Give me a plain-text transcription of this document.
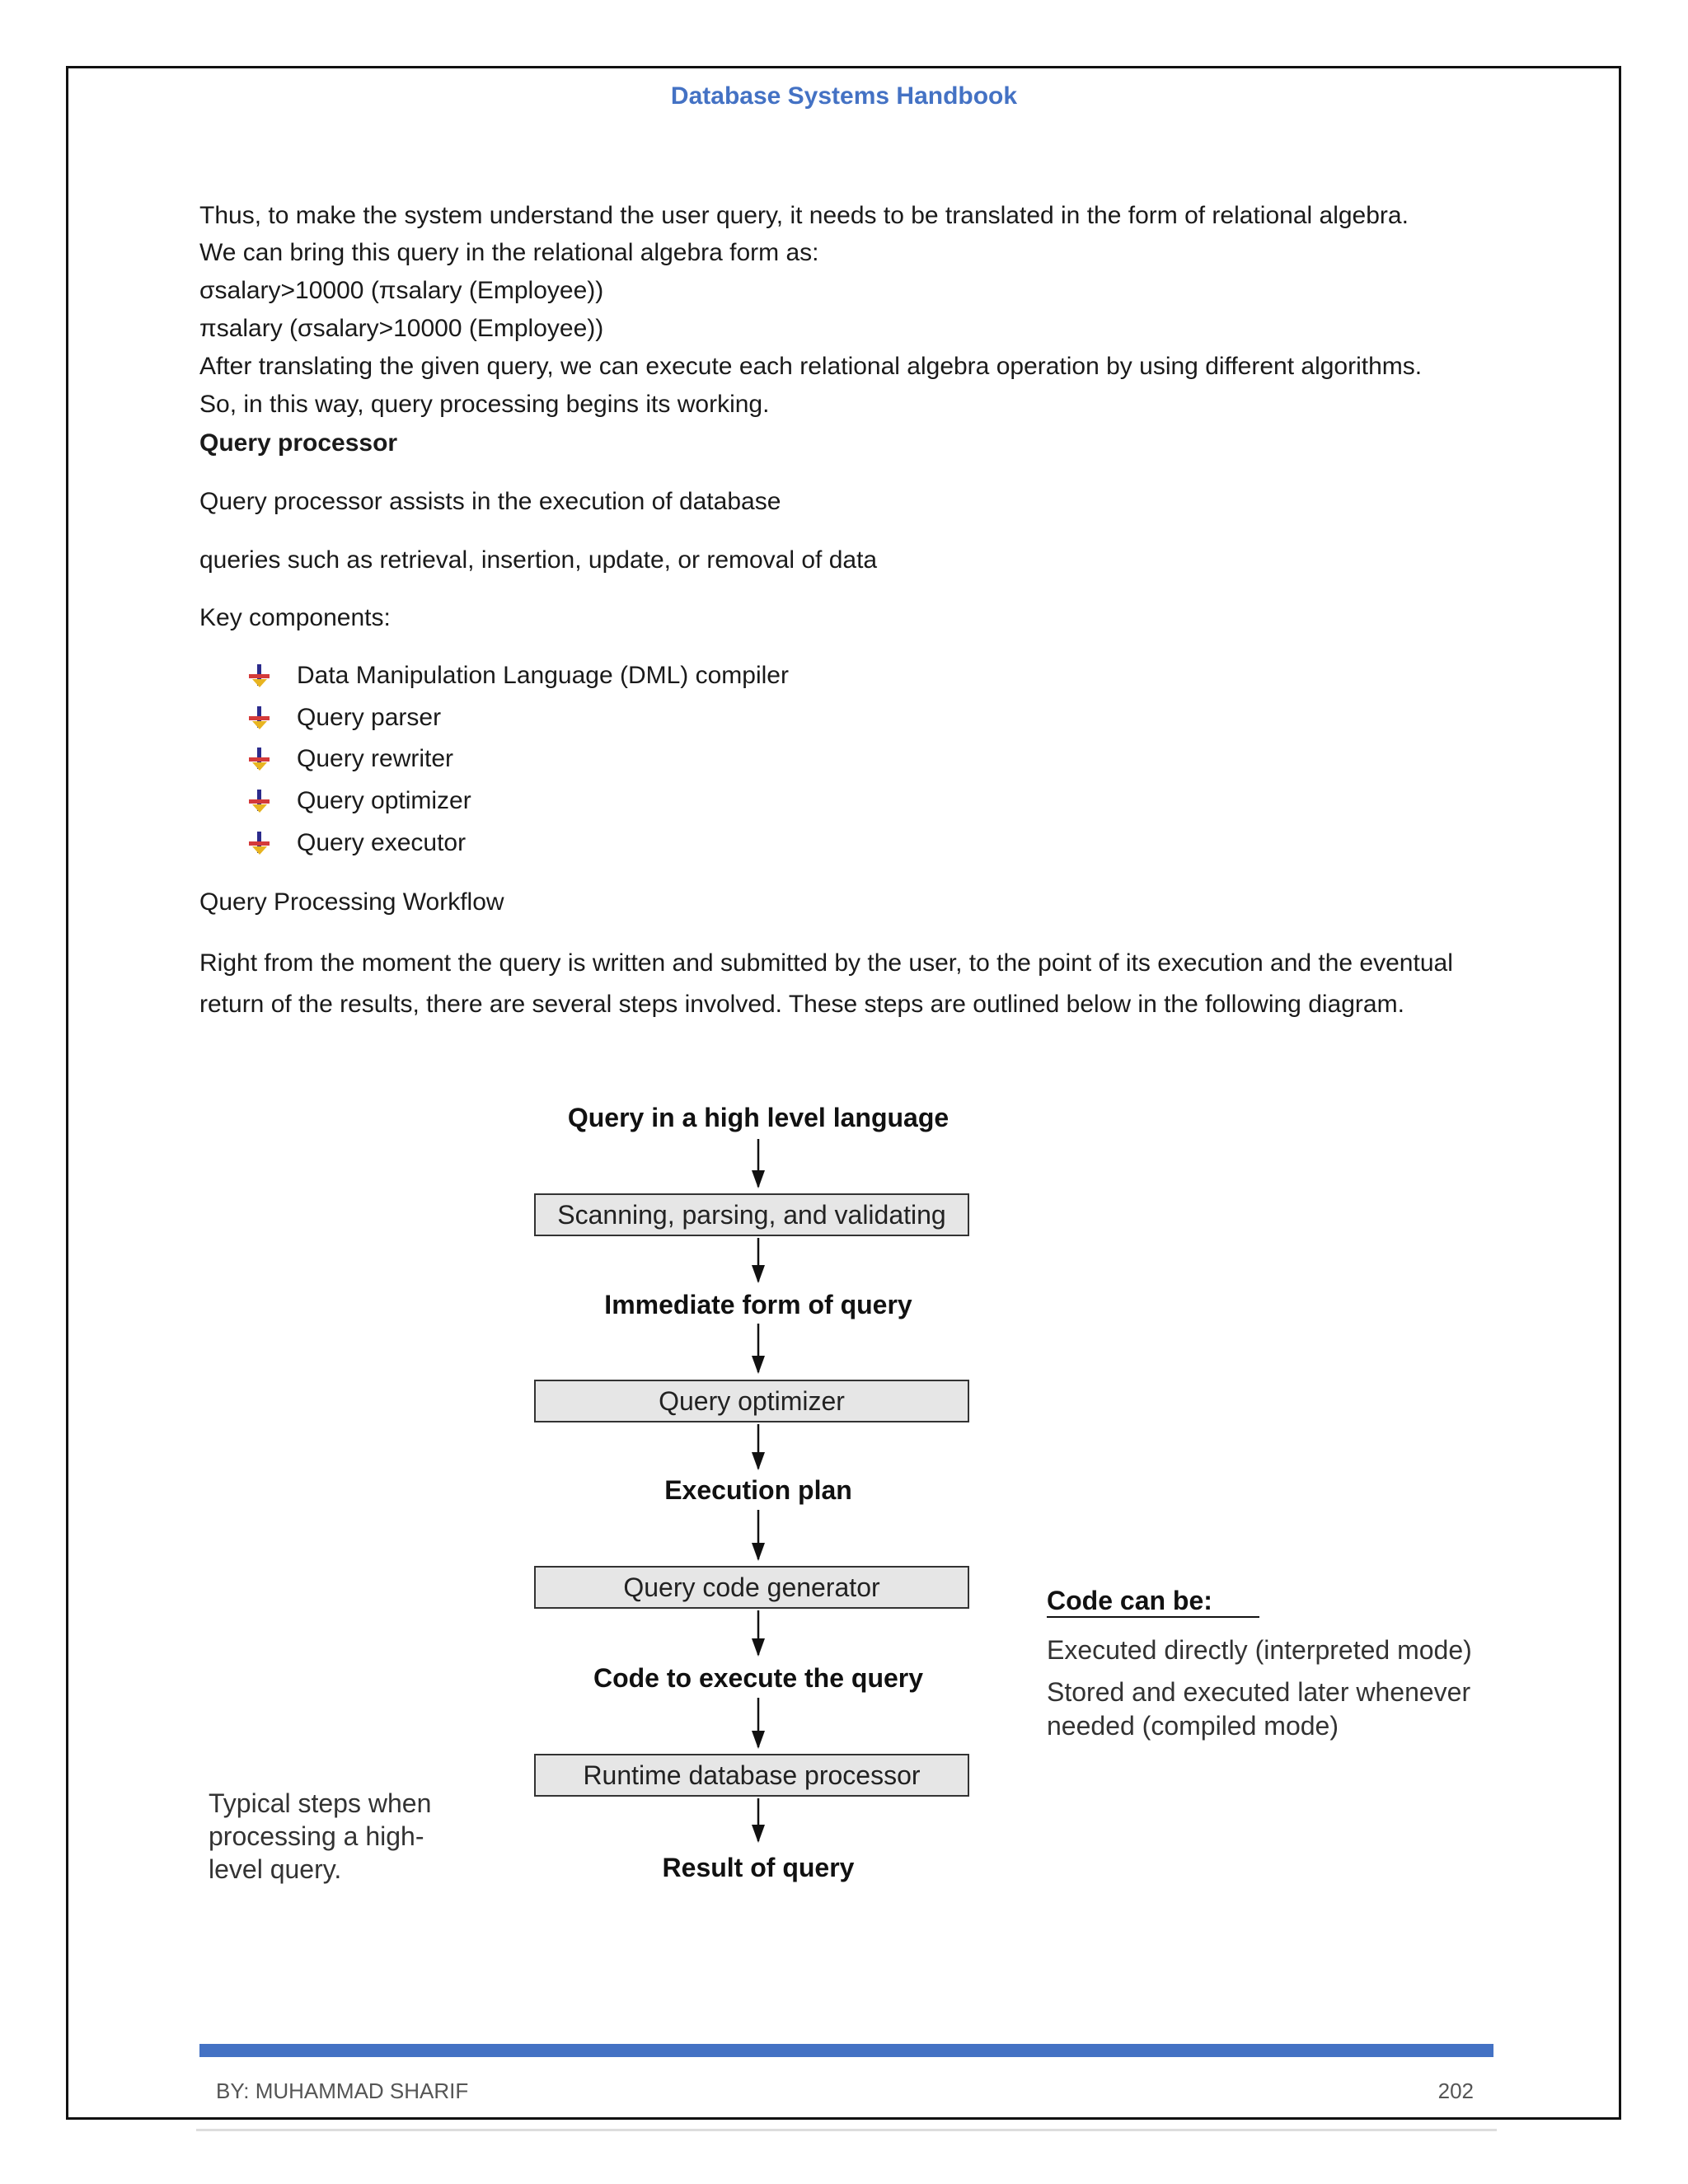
Database Systems Handbook
Thus, to make the system understand the user query, it needs to be translated in the form of relational algebra.
We can bring this query in the relational algebra form as:
σsalary>10000 (πsalary (Employee))
πsalary (σsalary>10000 (Employee))
After translating the given query, we can execute each relational algebra operation by using different algorithms.
So, in this way, query processing begins its working.
Query processor
Query processor assists in the execution of database
queries such as retrieval, insertion, update, or removal of data
Key components:
Data Manipulation Language (DML) compiler
Query parser
Query rewriter
Query optimizer
Query executor
Query Processing Workflow
Right from the moment the query is written and submitted by the user, to the point of its execution and the eventual return of the results, there are several steps involved. These steps are outlined below in the following diagram.
Query in a high level language
Scanning, parsing, and validating
Immediate form of query
Query optimizer
Execution plan
Query code generator
Code to execute the query
Runtime database processor
Result of query
Code can be:
Executed directly (interpreted mode)
Stored and executed later whenever
needed (compiled mode)
Typical steps when
processing a high-
level query.
BY: MUHAMMAD SHARIF	202
